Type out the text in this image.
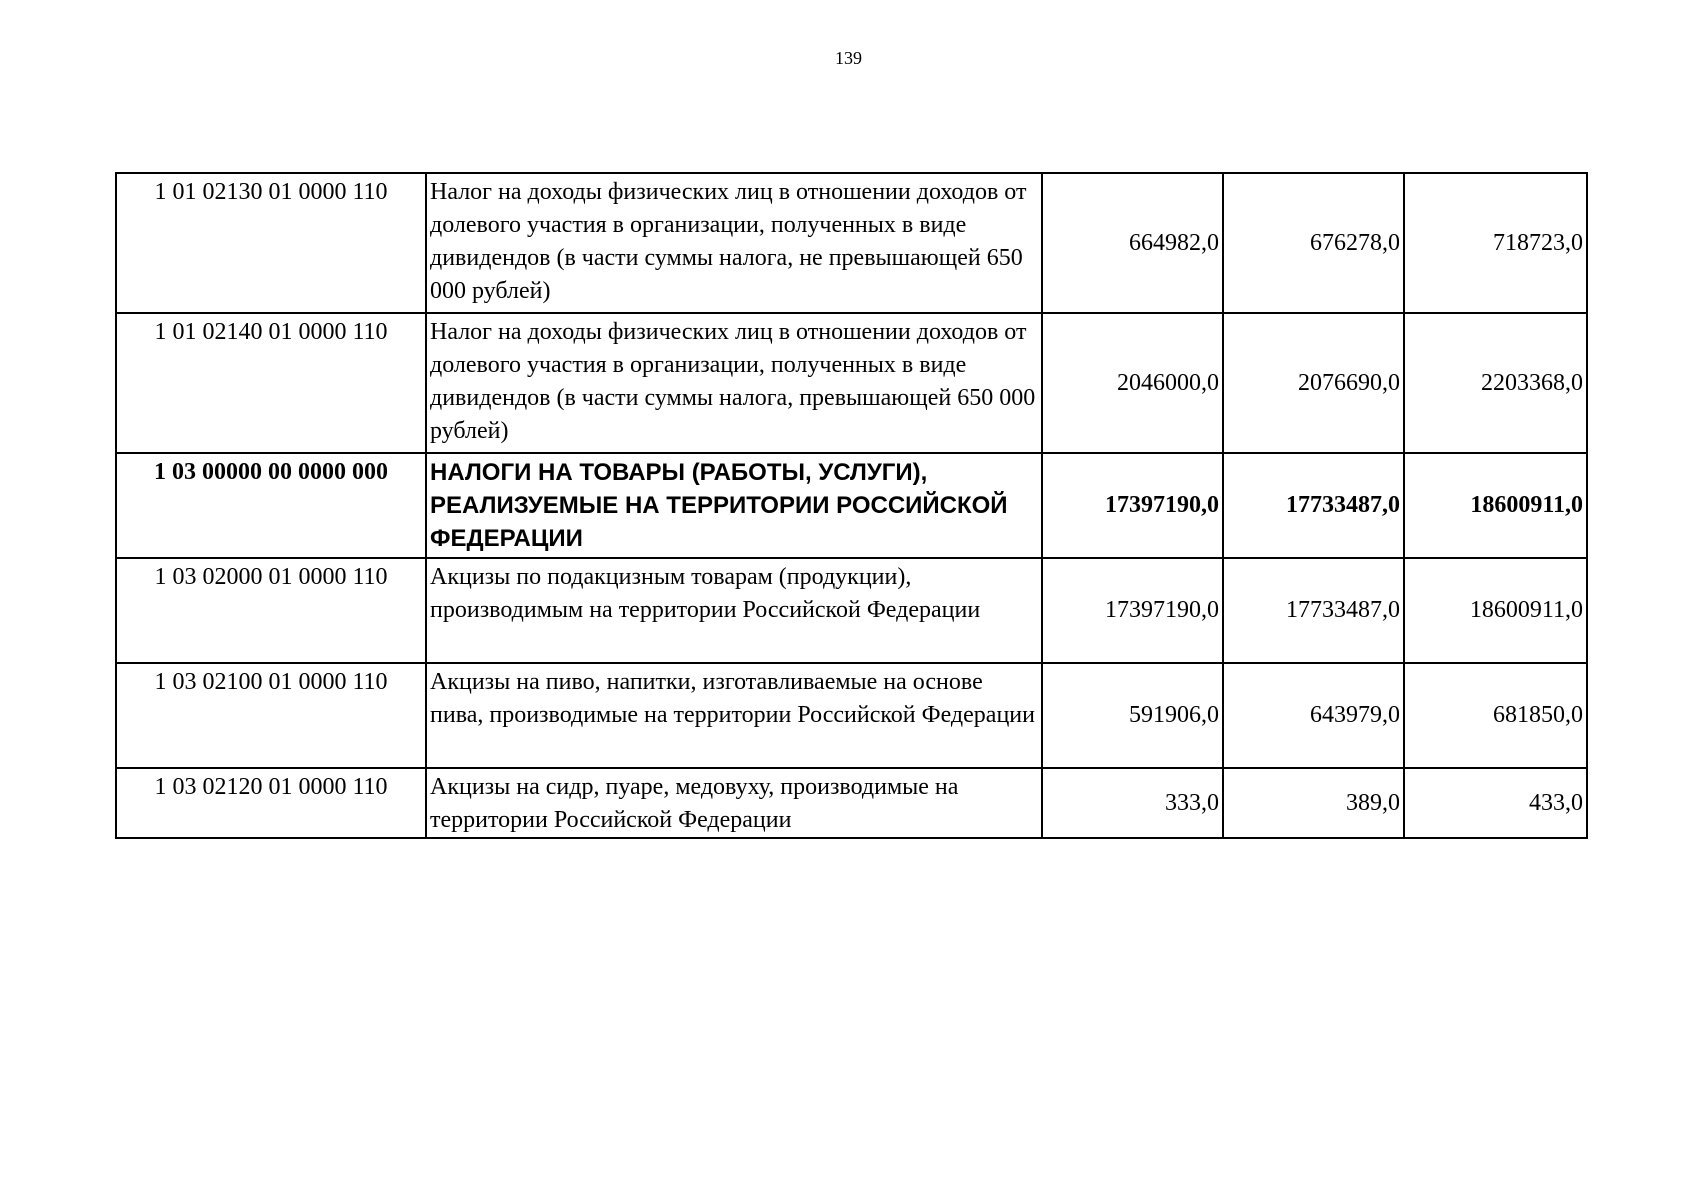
139
1 01 02130 01 0000 110	Налог на доходы физических лиц в отношении доходов от долевого участия в организации, полученных в виде дивидендов (в части суммы налога, не превышающей 650 000 рублей)	664982,0	676278,0	718723,0
1 01 02140 01 0000 110	Налог на доходы физических лиц в отношении доходов от долевого участия в организации, полученных в виде дивидендов (в части суммы налога, превышающей 650 000 рублей)	2046000,0	2076690,0	2203368,0
1 03 00000 00 0000 000	НАЛОГИ НА ТОВАРЫ (РАБОТЫ, УСЛУГИ), РЕАЛИЗУЕМЫЕ НА ТЕРРИТОРИИ РОССИЙСКОЙ ФЕДЕРАЦИИ	17397190,0	17733487,0	18600911,0
1 03 02000 01 0000 110	Акцизы по подакцизным товарам (продукции), производимым на территории Российской Федерации	17397190,0	17733487,0	18600911,0
1 03 02100 01 0000 110	Акцизы на пиво, напитки, изготавливаемые на основе пива, производимые на территории Российской Федерации	591906,0	643979,0	681850,0
1 03 02120 01 0000 110	Акцизы на сидр, пуаре, медовуху, производимые на территории Российской Федерации	333,0	389,0	433,0
